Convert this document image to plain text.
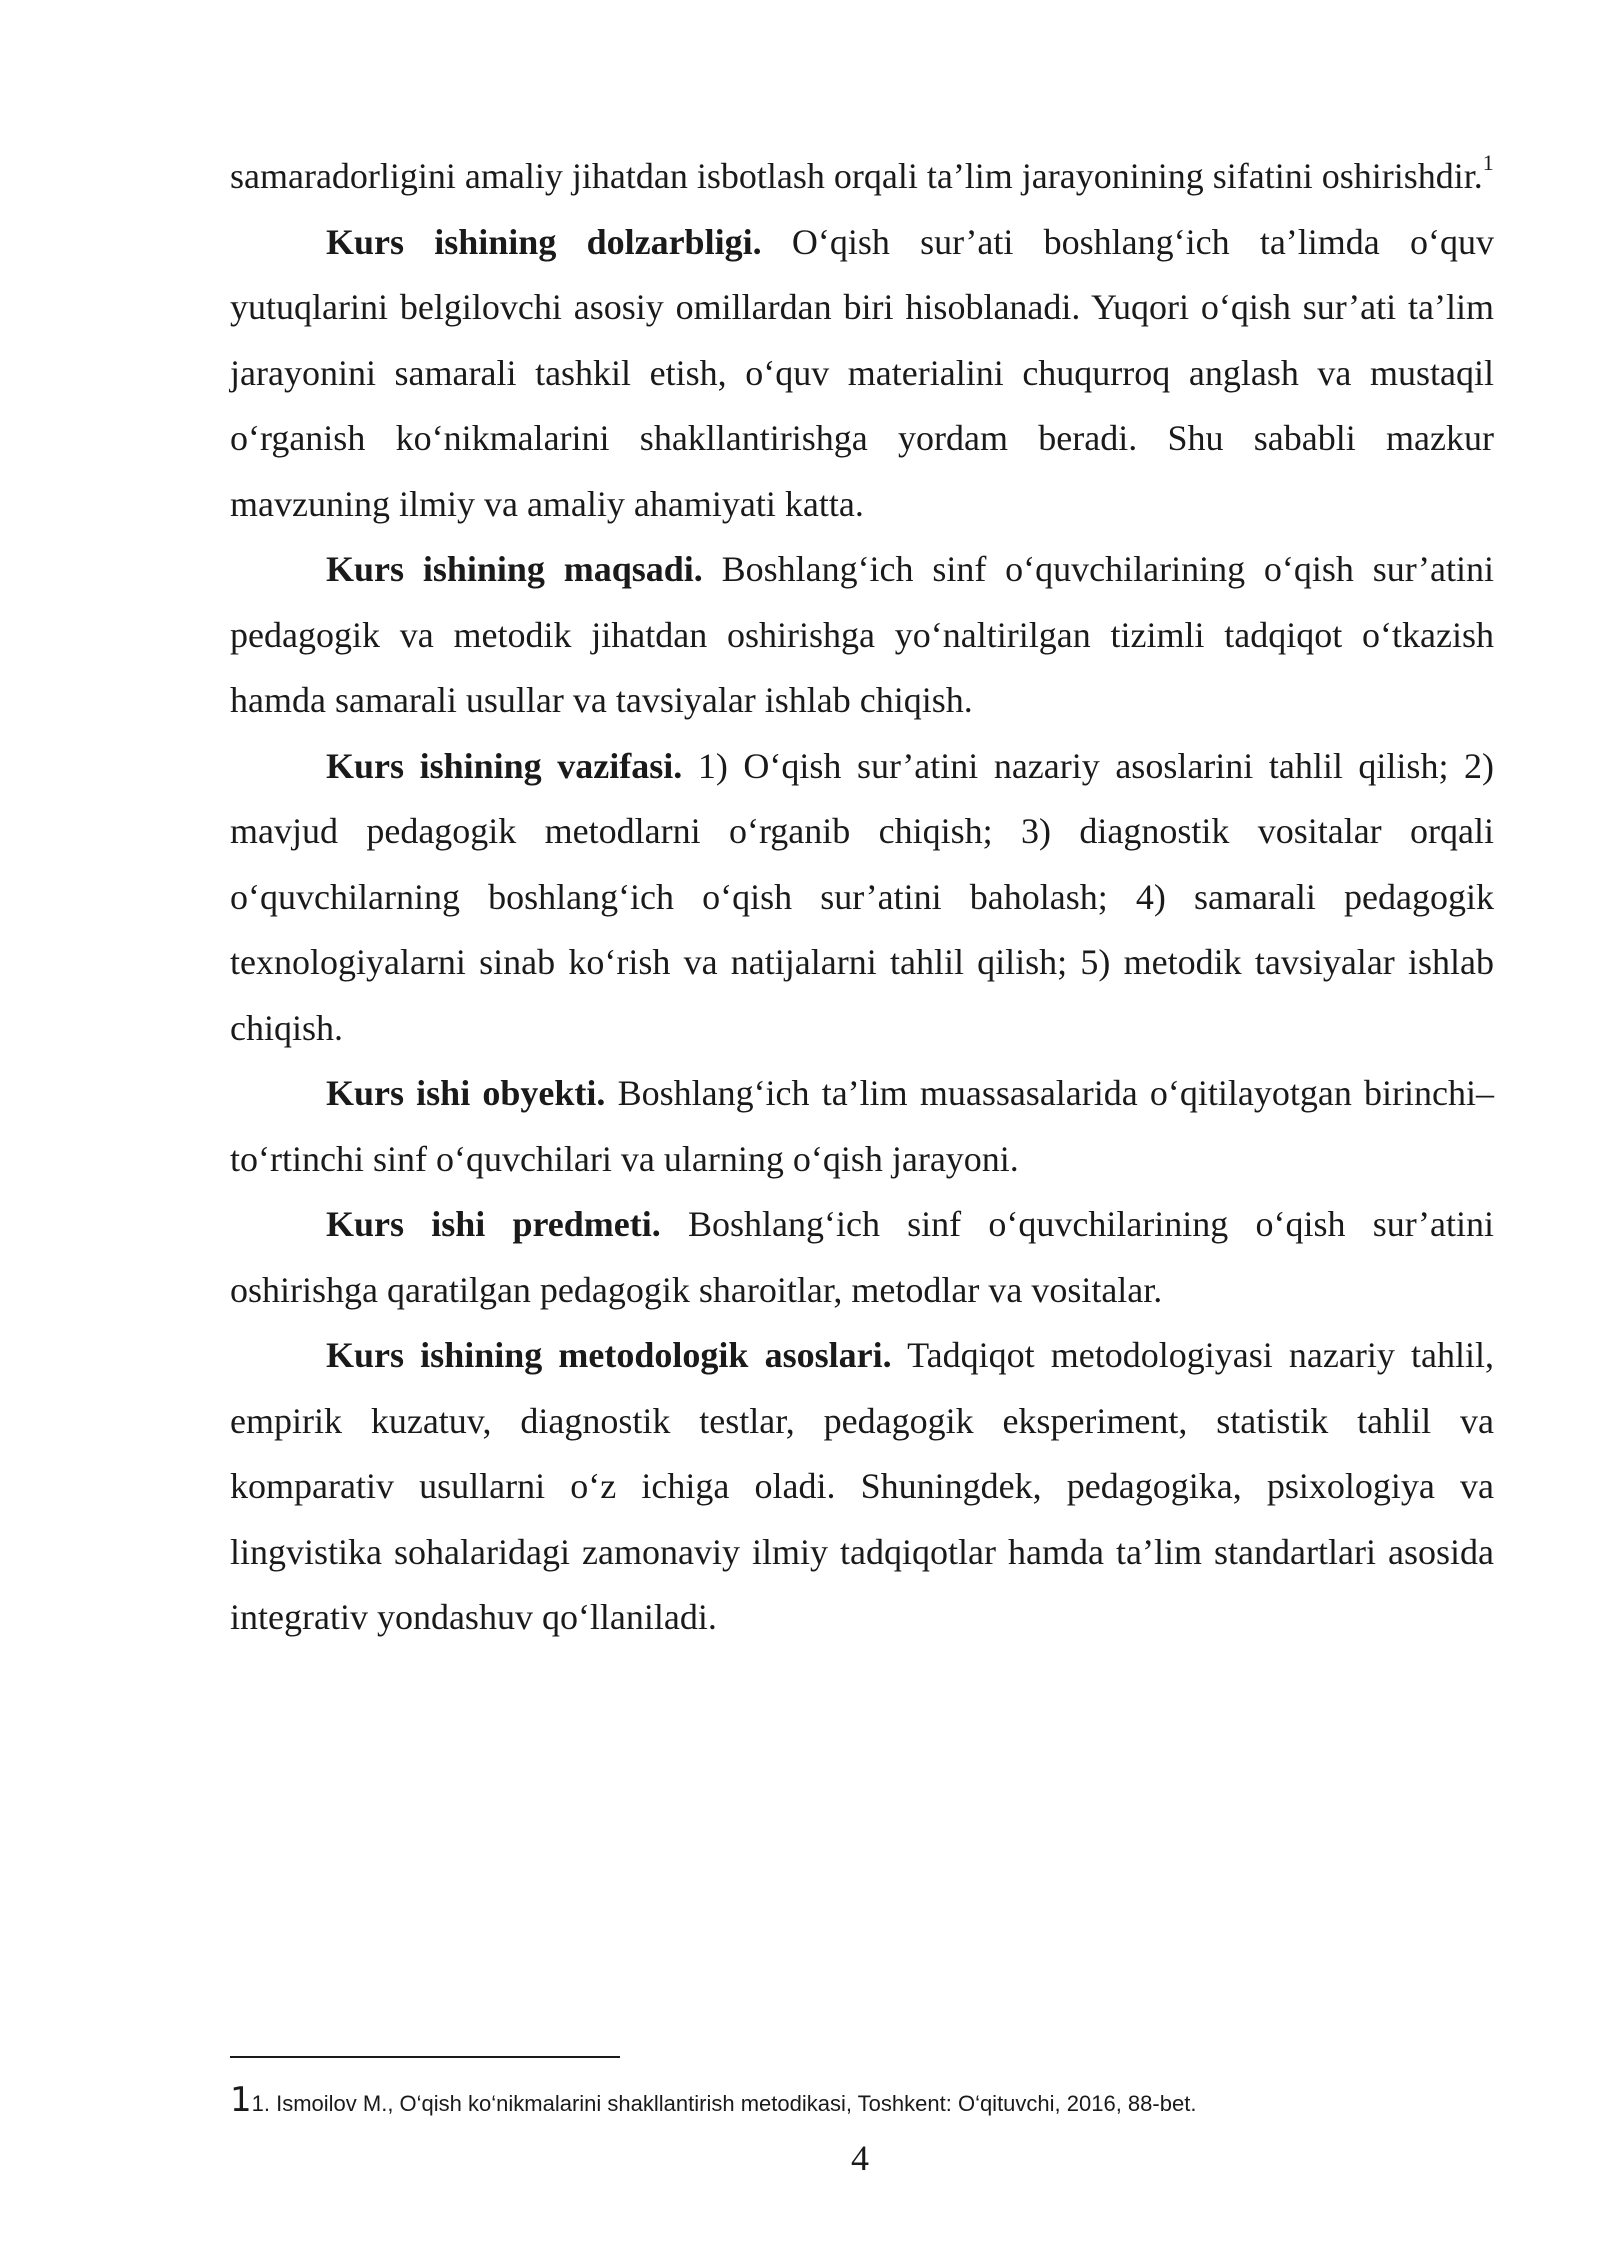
samaradorligini amaliy jihatdan isbotlash orqali ta’lim jarayonining sifatini oshirishdir.$^1$

Kurs ishining dolzarbligi. O‘qish sur’ati boshlang‘ich ta’limda o‘quv yutuqlarini belgilovchi asosiy omillardan biri hisoblanadi. Yuqori o‘qish sur’ati ta’lim jarayonini samarali tashkil etish, o‘quv materialini chuqurroq anglash va mustaqil o‘rganish ko‘nikmalarini shakllantirishga yordam beradi. Shu sababli mazkur mavzuning ilmiy va amaliy ahamiyati katta.

Kurs ishining maqsadi. Boshlang‘ich sinf o‘quvchilarining o‘qish sur’atini pedagogik va metodik jihatdan oshirishga yo‘naltirilgan tizimli tadqiqot o‘tkazish hamda samarali usullar va tavsiyalar ishlab chiqish.

Kurs ishining vazifasi. 1) O‘qish sur’atini nazariy asoslarini tahlil qilish; 2) mavjud pedagogik metodlarni o‘rganib chiqish; 3) diagnostik vositalar orqali o‘quvchilarning boshlang‘ich o‘qish sur’atini baholash; 4) samarali pedagogik texnologiyalarni sinab ko‘rish va natijalarni tahlil qilish; 5) metodik tavsiyalar ishlab chiqish.

Kurs ishi obyekti. Boshlang‘ich ta’lim muassasalarida o‘qitilayotgan birinchi–to‘rtinchi sinf o‘quvchilari va ularning o‘qish jarayoni.

Kurs ishi predmeti. Boshlang‘ich sinf o‘quvchilarining o‘qish sur’atini oshirishga qaratilgan pedagogik sharoitlar, metodlar va vositalar.

Kurs ishining metodologik asoslari. Tadqiqot metodologiyasi nazariy tahlil, empirik kuzatuv, diagnostik testlar, pedagogik eksperiment, statistik tahlil va komparativ usullarni o‘z ichiga oladi. Shuningdek, pedagogika, psixologiya va lingvistika sohalaridagi zamonaviy ilmiy tadqiqotlar hamda ta’lim standartlari asosida integrativ yondashuv qo‘llaniladi.

11. Ismoilov M., O‘qish ko‘nikmalarini shakllantirish metodikasi, Toshkent: O‘qituvchi, 2016, 88-bet.
4
